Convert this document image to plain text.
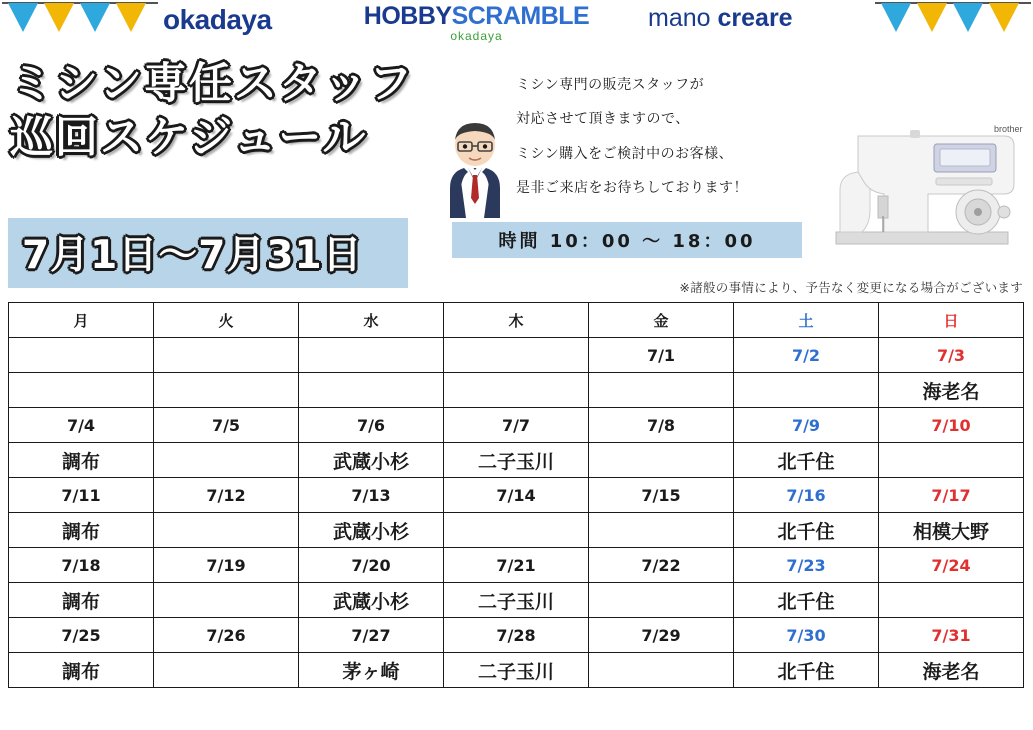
okadaya	HOBBYSCRAMBLE
okadaya
mano creare
ミシン専任スタッフ
巡回スケジュール
7月1日〜7月31日
ミシン専門の販売スタッフが
対応させて頂きますので、
ミシン購入をご検討中のお客様、
是非ご来店をお待ちしております！
brother
時間 10：00 ～ 18：00
※諸般の事情により、予告なく変更になる場合がございます
月	火	水	木	金	土	日
				7/1	7/2	7/3
						海老名
7/4	7/5	7/6	7/7	7/8	7/9	7/10
調布		武蔵小杉	二子玉川		北千住	
7/11	7/12	7/13	7/14	7/15	7/16	7/17
調布		武蔵小杉			北千住	相模大野
7/18	7/19	7/20	7/21	7/22	7/23	7/24
調布		武蔵小杉	二子玉川		北千住	
7/25	7/26	7/27	7/28	7/29	7/30	7/31
調布		茅ヶ崎	二子玉川		北千住	海老名
